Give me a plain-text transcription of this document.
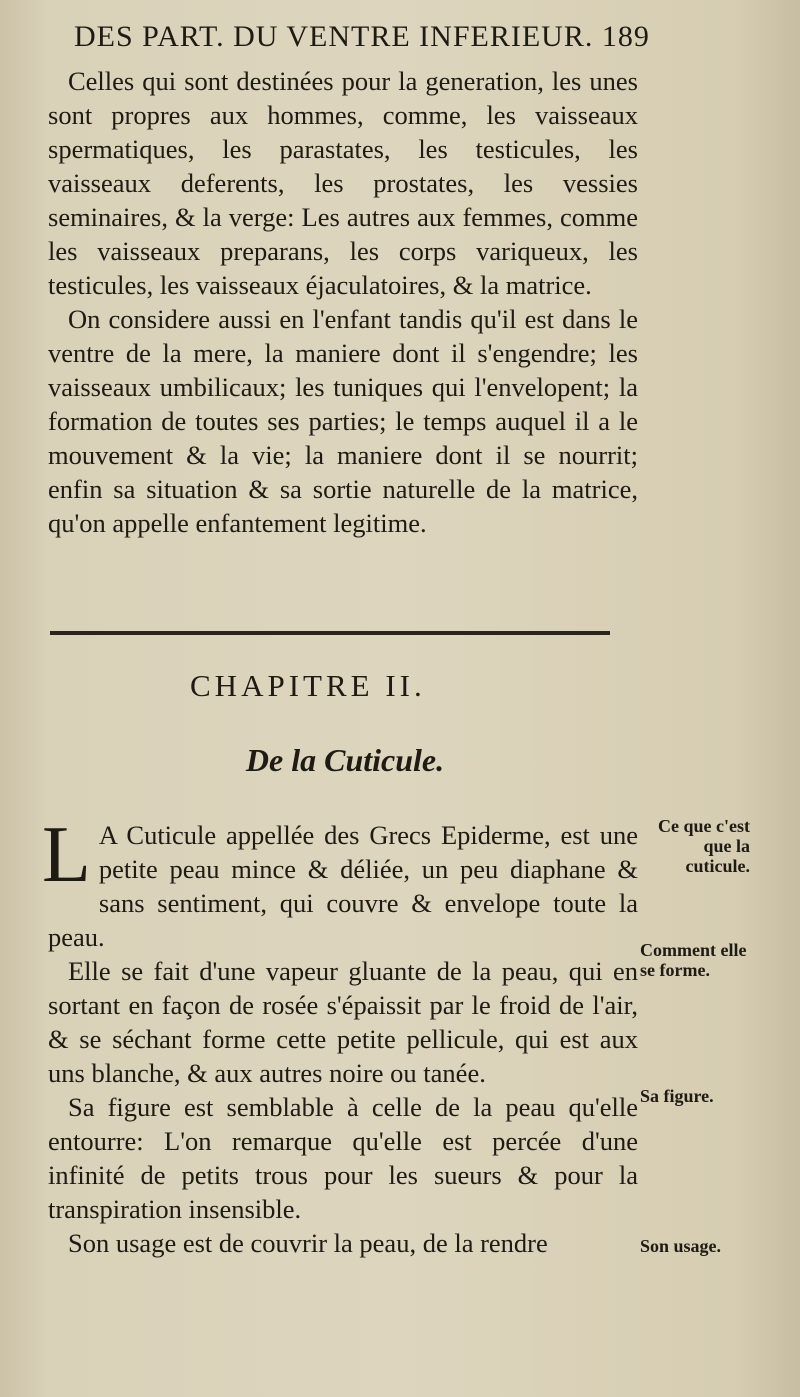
DES PART. DU VENTRE INFERIEUR. 189

Celles qui sont destinées pour la generation, les unes sont propres aux hommes, comme, les vaisseaux spermatiques, les parastates, les testicules, les vaisseaux deferents, les prostates, les vessies seminaires, & la verge: Les autres aux femmes, comme les vaisseaux preparans, les corps variqueux, les testicules, les vaisseaux éjaculatoires, & la matrice.

On considere aussi en l'enfant tandis qu'il est dans le ventre de la mere, la maniere dont il s'engendre; les vaisseaux umbilicaux; les tuniques qui l'envelopent; la formation de toutes ses parties; le temps auquel il a le mouvement & la vie; la maniere dont il se nourrit; enfin sa situation & sa sortie naturelle de la matrice, qu'on appelle enfantement legitime.

CHAPITRE II.
De la Cuticule.

L A Cuticule appellée des Grecs Epiderme, est une petite peau mince & déliée, un peu diaphane & sans sentiment, qui couvre & envelope toute la peau.

Elle se fait d'une vapeur gluante de la peau, qui en sortant en façon de rosée s'épaissit par le froid de l'air, & se séchant forme cette petite pellicule, qui est aux uns blanche, & aux autres noire ou tanée.

Sa figure est semblable à celle de la peau qu'elle entourre: L'on remarque qu'elle est percée d'une infinité de petits trous pour les sueurs & pour la transpiration insensible.

Son usage est de couvrir la peau, de la rendre

Ce que c'est que la cuticule.
Comment elle se forme.
Sa figure.
Son usage.
